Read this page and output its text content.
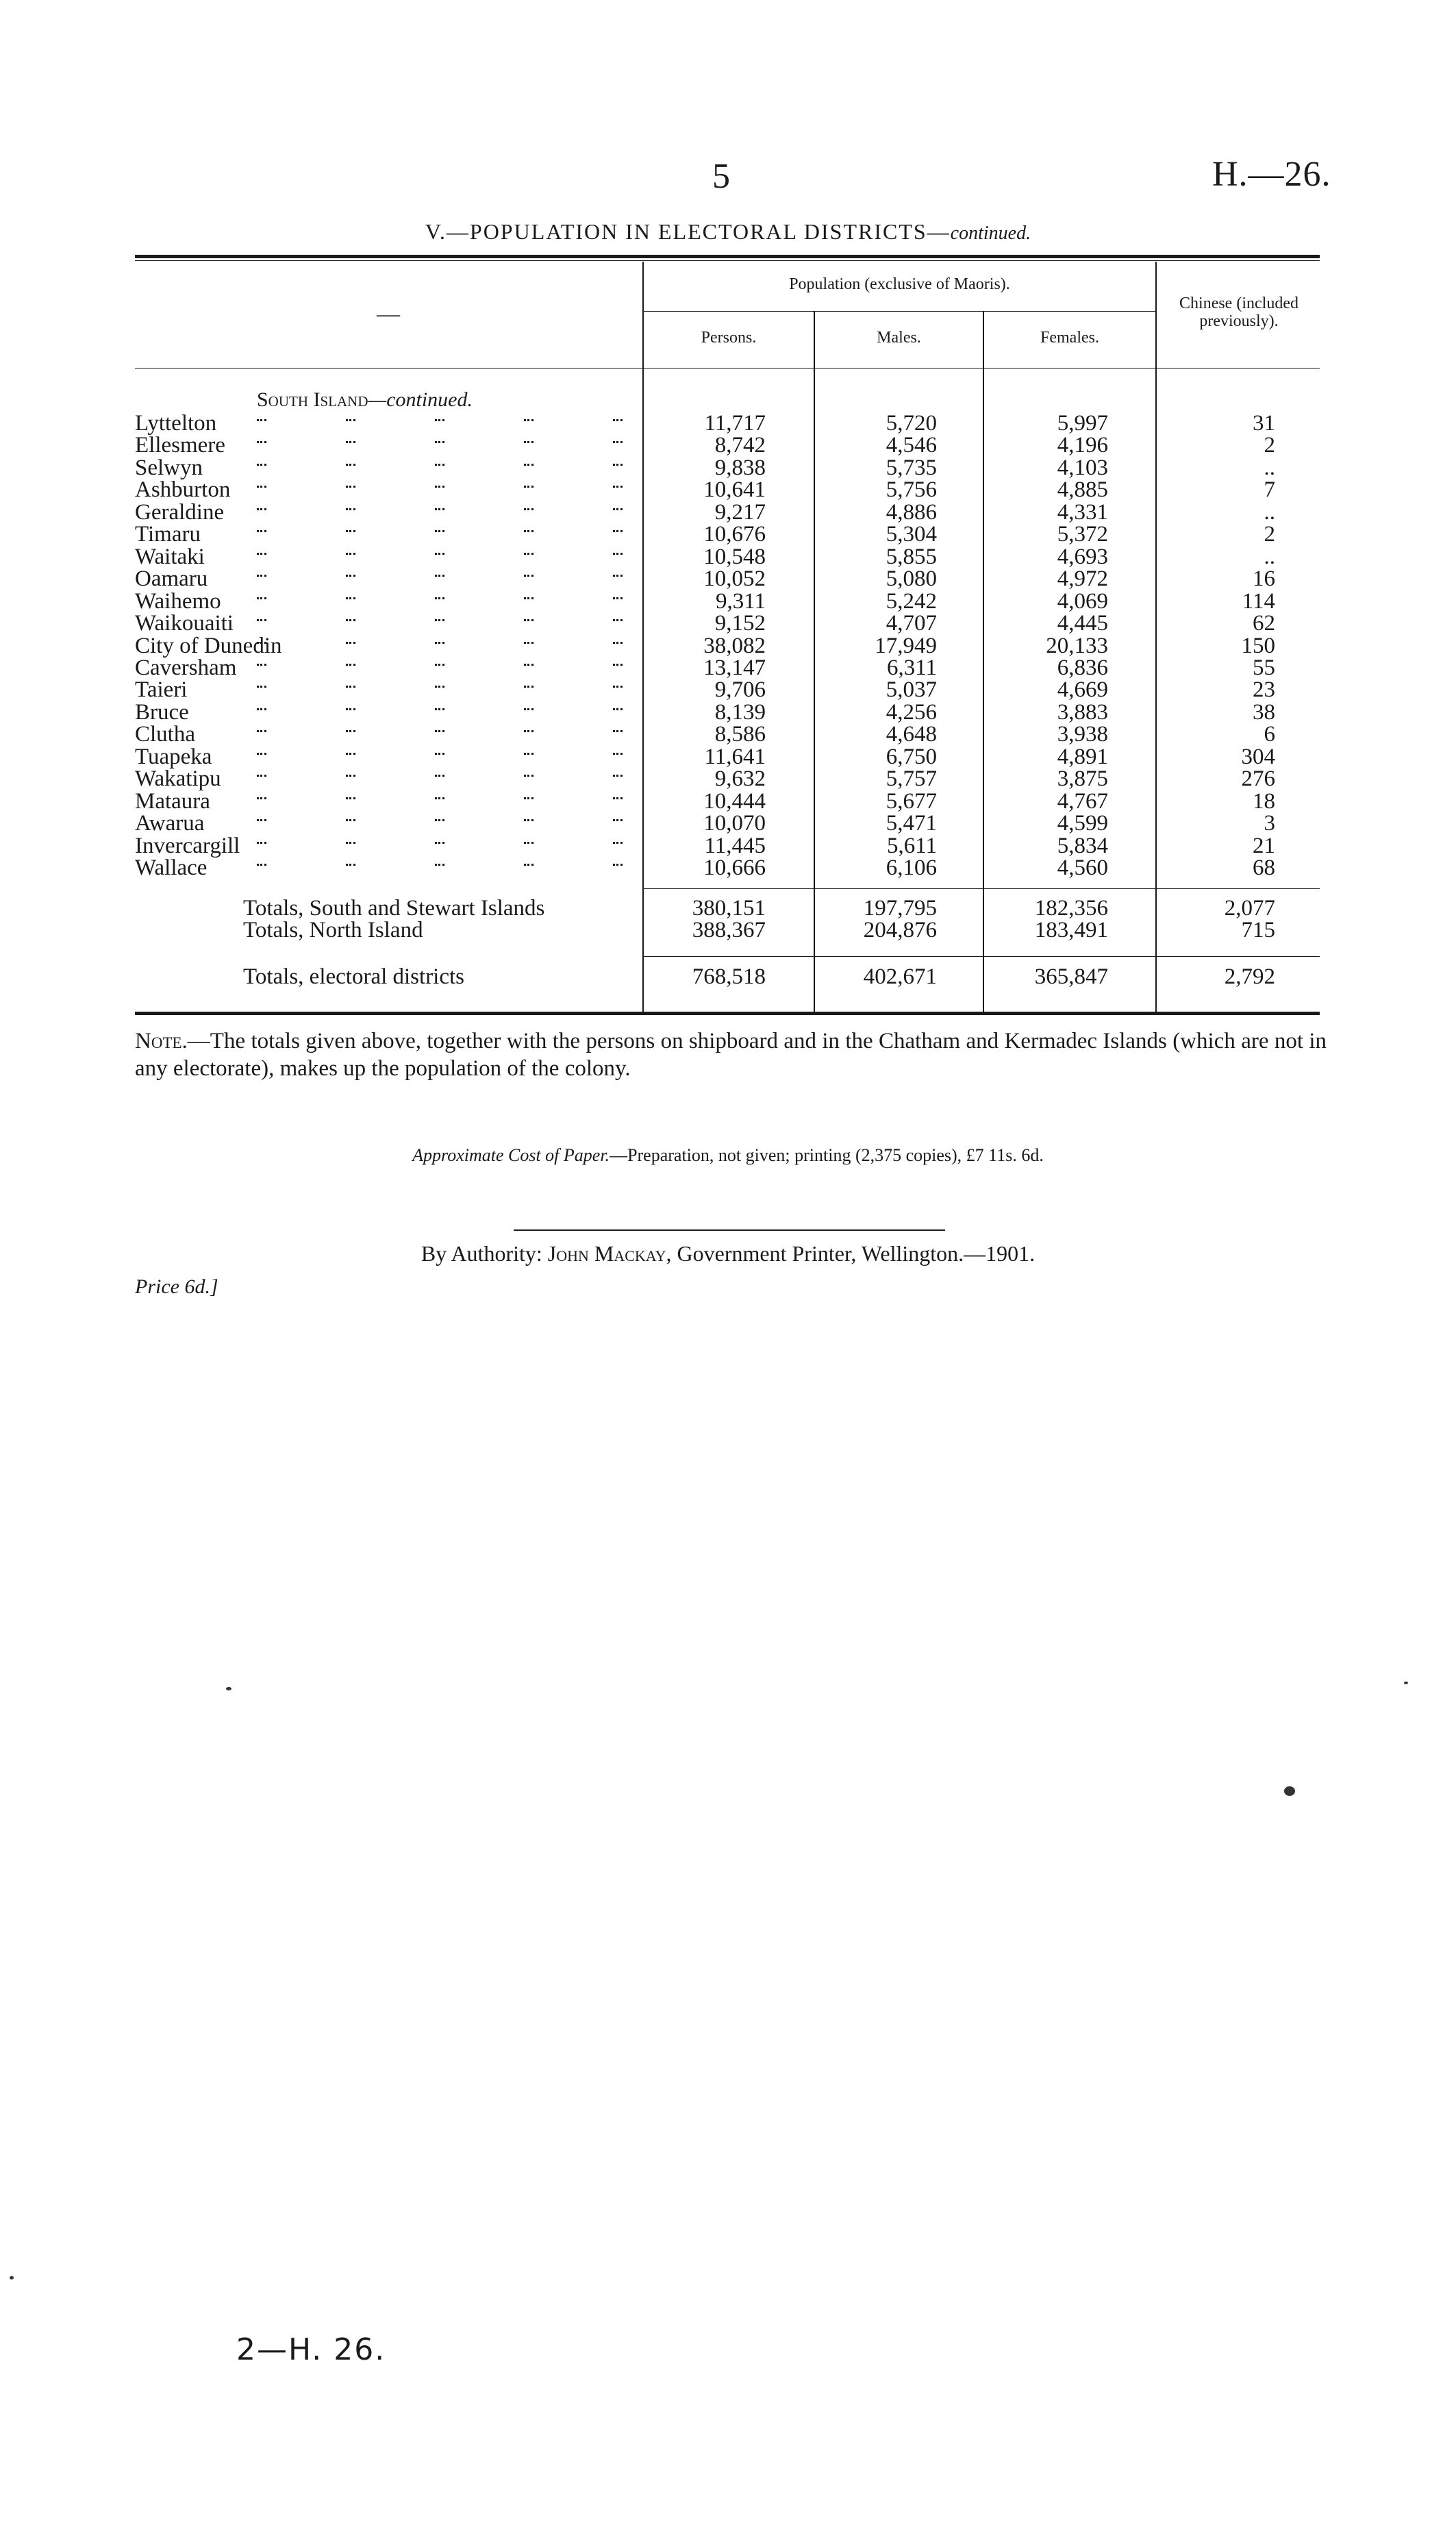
5	H.—26.
V.—POPULATION IN ELECTORAL DISTRICTS—continued.
—
Population (exclusive of Maoris).
Persons.	Males.	Females.
Chinese (included
previously).
South Island—continued.
Lyttelton	11,717	5,720	5,997	31
Ellesmere	8,742	4,546	4,196	2
Selwyn	9,838	5,735	4,103	..
Ashburton	10,641	5,756	4,885	7
Geraldine	9,217	4,886	4,331	..
Timaru	10,676	5,304	5,372	2
Waitaki	10,548	5,855	4,693	..
Oamaru	10,052	5,080	4,972	16
Waihemo	9,311	5,242	4,069	114
Waikouaiti	9,152	4,707	4,445	62
City of Dunedin	38,082	17,949	20,133	150
Caversham	13,147	6,311	6,836	55
Taieri	9,706	5,037	4,669	23
Bruce	8,139	4,256	3,883	38
Clutha	8,586	4,648	3,938	6
Tuapeka	11,641	6,750	4,891	304
Wakatipu	9,632	5,757	3,875	276
Mataura	10,444	5,677	4,767	18
Awarua	10,070	5,471	4,599	3
Invercargill	11,445	5,611	5,834	21
Wallace	10,666	6,106	4,560	68
Totals, South and Stewart Islands	380,151	197,795	182,356	2,077
Totals, North Island	388,367	204,876	183,491	715
Totals, electoral districts	768,518	402,671	365,847	2,792
Note.—The totals given above, together with the persons on shipboard and in the Chatham and Kermadec Islands (which are not in any electorate), makes up the population of the colony.
Approximate Cost of Paper.—Preparation, not given; printing (2,375 copies), £7 11s. 6d.
By Authority: John Mackay, Government Printer, Wellington.—1901.
Price 6d.]
2—H. 26.
